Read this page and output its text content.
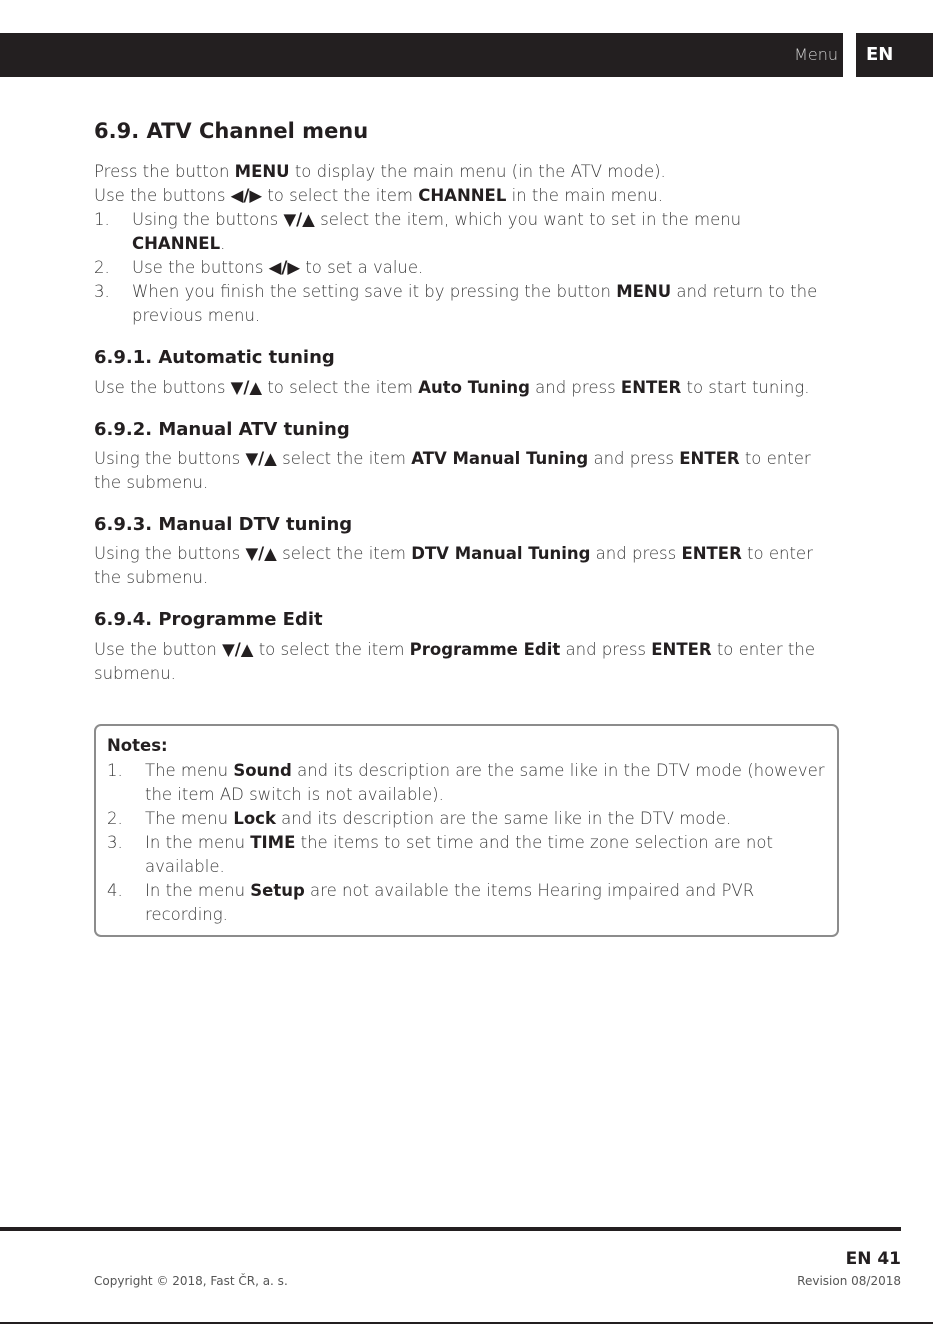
Menu EN
6.9. ATV Channel menu

Press the button MENU to display the main menu (in the ATV mode).

Use the buttons ◀/▶ to select the item CHANNEL in the main menu.

1. Using the buttons ▼/▲ select the item, which you want to set in the menu CHANNEL.
2. Use the buttons ◀/▶ to set a value.
3. When you finish the setting save it by pressing the button MENU and return to the previous menu.
6.9.1. Automatic tuning

Use the buttons ▼/▲ to select the item Auto Tuning and press ENTER to start tuning.

6.9.2. Manual ATV tuning

Using the buttons ▼/▲ select the item ATV Manual Tuning and press ENTER to enter the submenu.

6.9.3. Manual DTV tuning

Using the buttons ▼/▲ select the item DTV Manual Tuning and press ENTER to enter the submenu.

6.9.4. Programme Edit

Use the button ▼/▲ to select the item Programme Edit and press ENTER to enter the submenu.

Notes:
1. The menu Sound and its description are the same like in the DTV mode (however the item AD switch is not available).
2. The menu Lock and its description are the same like in the DTV mode.
3. In the menu TIME the items to set time and the time zone selection are not available.
4. In the menu Setup are not available the items Hearing impaired and PVR recording.
EN 41
Copyright © 2018, Fast ČR, a. s.	Revision 08/2018
